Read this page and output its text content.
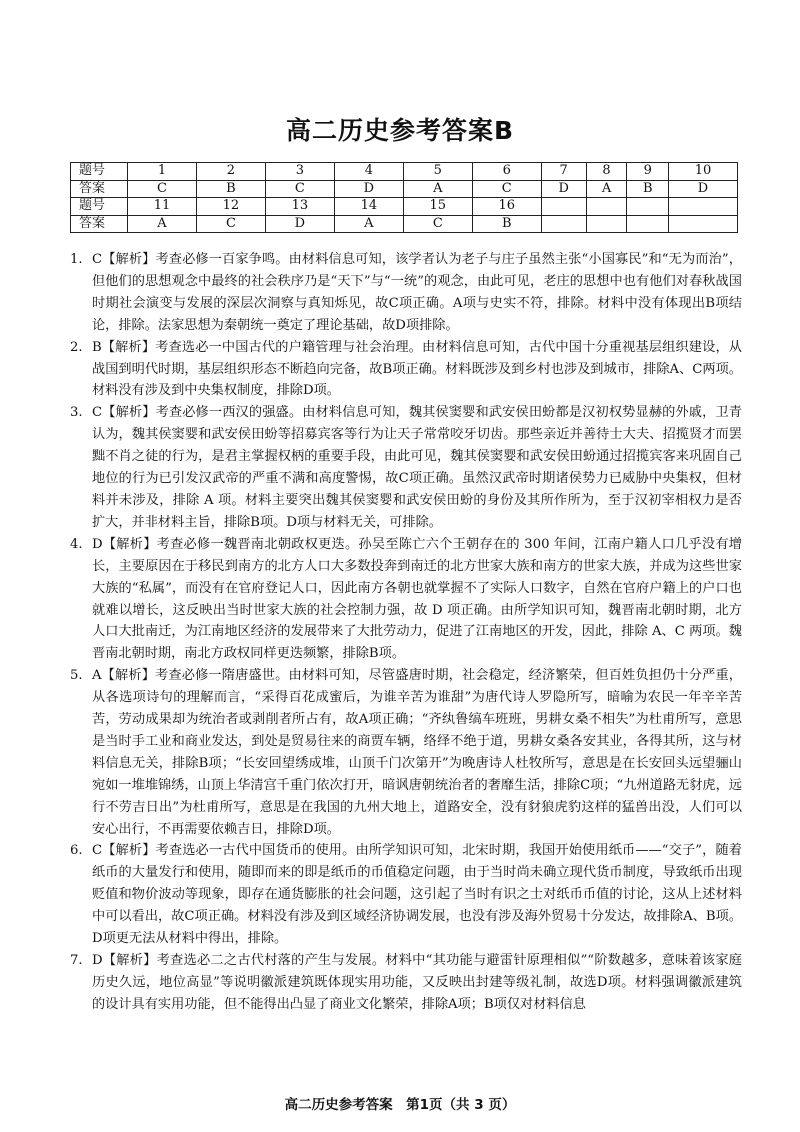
高二历史参考答案B
题号	1	2	3	4	5	6	7	8	9	10
答案	C	B	C	D	A	C	D	A	B	D
题号	11	12	13	14	15	16				
答案	A	C	D	A	C	B				
1. C【解析】考查必修一百家争鸣。由材料信息可知，该学者认为老子与庄子虽然主张“小国寡民”和“无为而治”，但他们的思想观念中最终的社会秩序乃是“天下”与“一统”的观念，由此可见，老庄的思想中也有他们对春秋战国时期社会演变与发展的深层次洞察与真知烁见，故C项正确。A项与史实不符，排除。材料中没有体现出B项结论，排除。法家思想为秦朝统一奠定了理论基础，故D项排除。
2. B【解析】考查选必一中国古代的户籍管理与社会治理。由材料信息可知，古代中国十分重视基层组织建设，从战国到明代时期，基层组织形态不断趋向完备，故B项正确。材料既涉及到乡村也涉及到城市，排除A、C两项。材料没有涉及到中央集权制度，排除D项。
3. C【解析】考查必修一西汉的强盛。由材料信息可知，魏其侯窦婴和武安侯田蚡都是汉初权势显赫的外戚，卫青认为，魏其侯窦婴和武安侯田蚡等招募宾客等行为让天子常常咬牙切齿。那些亲近并善待士大夫、招揽贤才而罢黜不肖之徒的行为，是君主掌握权柄的重要手段，由此可见，魏其侯窦婴和武安侯田蚡通过招揽宾客来巩固自己地位的行为已引发汉武帝的严重不满和高度警惕，故C项正确。虽然汉武帝时期诸侯势力已威胁中央集权，但材料并未涉及，排除 A 项。材料主要突出魏其侯窦婴和武安侯田蚡的身份及其所作所为，至于汉初宰相权力是否扩大，并非材料主旨，排除B项。D项与材料无关，可排除。
4. D【解析】考查必修一魏晋南北朝政权更迭。孙吴至陈亡六个王朝存在的 300 年间，江南户籍人口几乎没有增长，主要原因在于移民到南方的北方人口大多数投奔到南迁的北方世家大族和南方的世家大族，并成为这些世家大族的“私属”，而没有在官府登记人口，因此南方各朝也就掌握不了实际人口数字，自然在官府户籍上的户口也就难以增长，这反映出当时世家大族的社会控制力强，故 D 项正确。由所学知识可知，魏晋南北朝时期，北方人口大批南迁，为江南地区经济的发展带来了大批劳动力，促进了江南地区的开发，因此，排除 A、C 两项。魏晋南北朝时期，南北方政权同样更迭频繁，排除B项。
5. A【解析】考查必修一隋唐盛世。由材料可知，尽管盛唐时期，社会稳定，经济繁荣，但百姓负担仍十分严重，从各选项诗句的理解而言，“采得百花成蜜后，为谁辛苦为谁甜”为唐代诗人罗隐所写，暗喻为农民一年辛辛苦苦，劳动成果却为统治者或剥削者所占有，故A项正确；“齐纨鲁缟车班班，男耕女桑不相失”为杜甫所写，意思是当时手工业和商业发达，到处是贸易往来的商贾车辆，络绎不绝于道，男耕女桑各安其业，各得其所，这与材料信息无关，排除B项；“长安回望绣成堆，山顶千门次第开”为晚唐诗人杜牧所写，意思是在长安回头远望骊山宛如一堆堆锦绣，山顶上华清宫千重门依次打开，暗讽唐朝统治者的奢靡生活，排除C项；“九州道路无豺虎，远行不劳吉日出”为杜甫所写，意思是在我国的九州大地上，道路安全，没有豺狼虎豹这样的猛兽出没，人们可以安心出行，不再需要依赖吉日，排除D项。
6. C【解析】考查选必一古代中国货币的使用。由所学知识可知，北宋时期，我国开始使用纸币——“交子”，随着纸币的大量发行和使用，随即而来的即是纸币的币值稳定问题，由于当时尚未确立现代货币制度，导致纸币出现贬值和物价波动等现象，即存在通货膨胀的社会问题，这引起了当时有识之士对纸币币值的讨论，这从上述材料中可以看出，故C项正确。材料没有涉及到区域经济协调发展，也没有涉及海外贸易十分发达，故排除A、B项。D项更无法从材料中得出，排除。
7. D【解析】考查选必二之古代村落的产生与发展。材料中“其功能与避雷针原理相似”“阶数越多，意味着该家庭历史久远，地位高显”等说明徽派建筑既体现实用功能，又反映出封建等级礼制，故选D项。材料强调徽派建筑的设计具有实用功能，但不能得出凸显了商业文化繁荣，排除A项；B项仅对材料信息
高二历史参考答案　第1页（共 3 页）
